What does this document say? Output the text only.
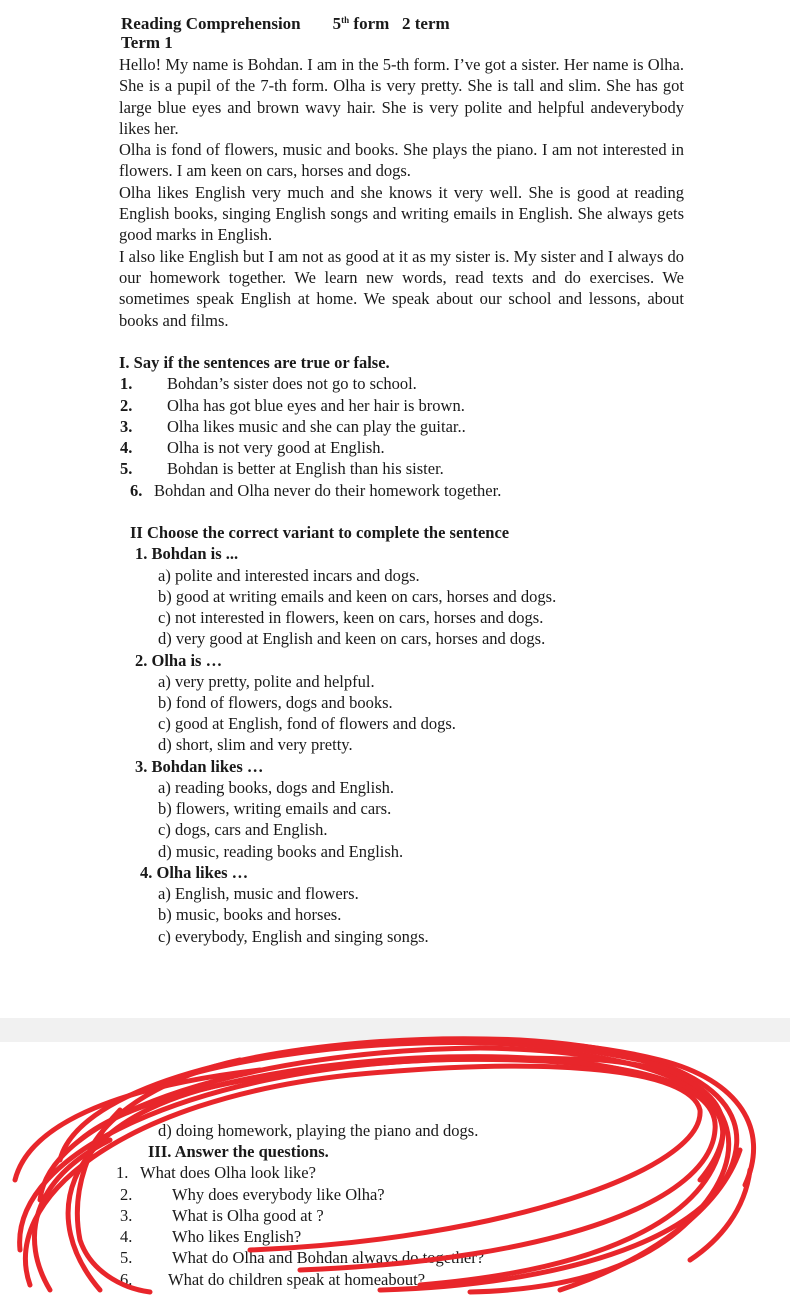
Reading Comprehension 5th form   2 term
Term 1

Hello! My name is Bohdan. I am in the 5-th form. I’ve got a sister. Her name is Olha. She is a pupil of the 7-th form. Olha is very pretty. She is tall and slim. She has got large blue eyes and brown wavy hair. She is very polite and helpful andeverybody likes her.

Olha is fond of flowers, music and books. She plays the piano. I am not interested in flowers. I am keen on cars, horses and dogs.

Olha likes English very much and she knows it very well. She is good at reading English books, singing English songs and writing emails in English. She always gets good marks in English.

I also like English but I am not as good at it as my sister is. My sister and I always do our homework together. We learn new words, read texts and do exercises. We sometimes speak English at home. We speak about our school and lessons, about books and films.

I. Say if the sentences are true or false.
1. Bohdan’s sister does not go to school.
2. Olha has got blue eyes and her hair is brown.
3. Olha likes music and she can play the guitar..
4. Olha is not very good at English.
5. Bohdan is better at English than his sister.
6. Bohdan and Olha never do their homework together.
II Choose the correct variant to complete the sentence
1. Bohdan is ...
a) polite and interested incars and dogs.
b) good at writing emails and keen on cars, horses and dogs.
c) not interested in flowers, keen on cars, horses and dogs.
d) very good at English and keen on cars, horses and dogs.
2. Olha is …
a) very pretty, polite and helpful.
b) fond of flowers, dogs and books.
c) good at English, fond of flowers and dogs.
d) short, slim and very pretty.
3. Bohdan likes …
a) reading books, dogs and English.
b) flowers, writing emails and cars.
c) dogs, cars and English.
d) music, reading books and English.
4. Olha likes …
a) English, music and flowers.
b) music, books and horses.
c) everybody, English and singing songs.
d) doing homework, playing the piano and dogs.
III. Answer the questions.
1. What does Olha look like?
2. Why does everybody like Olha?
3. What is Olha good at ?
4. Who likes English?
5. What do Olha and Bohdan always do together?
6. What do children speak at homeabout?
